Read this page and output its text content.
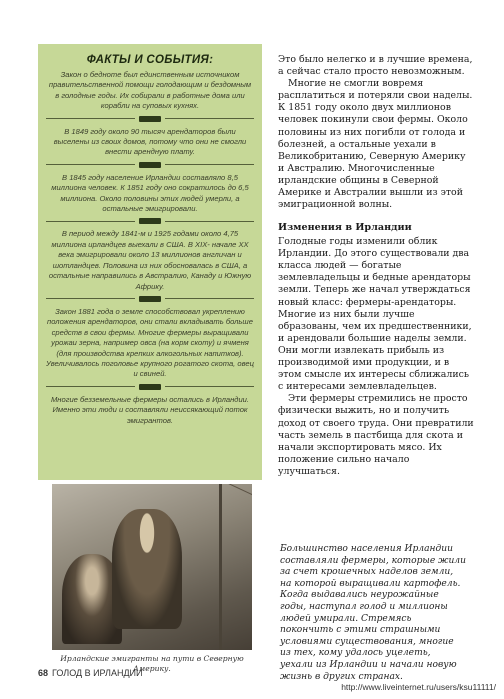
ФАКТЫ И СОБЫТИЯ:

Закон о бедноте был единственным источником правительственной помощи голодающим и бездомным в голодные годы. Их собирали в работные дома или корабли на суповых кухнях.

В 1849 году около 90 тысяч арендаторов были выселены из своих домов, потому что они не смогли внести арендную плату.

В 1845 году население Ирландии составляло 8,5 миллиона человек. К 1851 году оно сократилось до 6,5 миллиона. Около половины этих людей умерли, а остальные эмигрировали.

В период между 1841-м и 1925 годами около 4,75 миллиона ирландцев выехали в США. В XIX- начале XX века эмигрировали около 13 миллионов англичан и шотландцев. Половина из них обосновалась в США, а остальные направились в Австралию, Канаду и Южную Африку.

Закон 1881 года о земле способствовал укреплению положения арендаторов, они стали вкладывать больше средств в свои фермы. Многие фермеры выращивали урожаи зерна, например овса (на корм скоту) и ячменя (для производства крепких алкогольных напитков). Увеличивалось поголовье крупного рогатого скота, овец и свиней.

Многие безземельные фермеры остались в Ирландии. Именно эти люди и составляли неиссякающий поток эмигрантов.

Ирландские эмигранты на пути в Северную Америку.

Это было нелегко и в лучшие времена, а сейчас стало просто невозможным.

Многие не смогли вовремя расплатиться и потеряли свои наделы. К 1851 году около двух миллионов человек покинули свои фермы. Около половины из них погибли от голода и болезней, а остальные уехали в Великобританию, Северную Америку и Австралию. Многочисленные ирландские общины в Северной Америке и Австралии вышли из этой эмиграционной волны.

Изменения в Ирландии

Голодные годы изменили облик Ирландии. До этого существовали два класса людей — богатые землевладельцы и бедные арендаторы земли. Теперь же начал утверждаться новый класс: фермеры-арендаторы. Многие из них были лучше образованы, чем их предшественники, и арендовали большие наделы земли. Они могли извлекать прибыль из производимой ими продукции, и в этом смысле их интересы сближались с интересами землевладельцев.

Эти фермеры стремились не просто физически выжить, но и получить доход от своего труда. Они превратили часть земель в пастбища для скота и начали экспортировать мясо. Их положение сильно начало улучшаться.

Большинство населения Ирландии составляли фермеры, которые жили за счет крошечных наделов земли, на которой выращивали картофель. Когда выдавались неурожайные годы, наступал голод и миллионы людей умирали. Стремясь покончить с этими страшными условиями существования, многие из тех, кому удалось уцелеть, уехали из Ирландии и начали новую жизнь в других странах.
68 ГОЛОД В ИРЛАНДИИ
http://www.liveinternet.ru/users/ksu11111/
